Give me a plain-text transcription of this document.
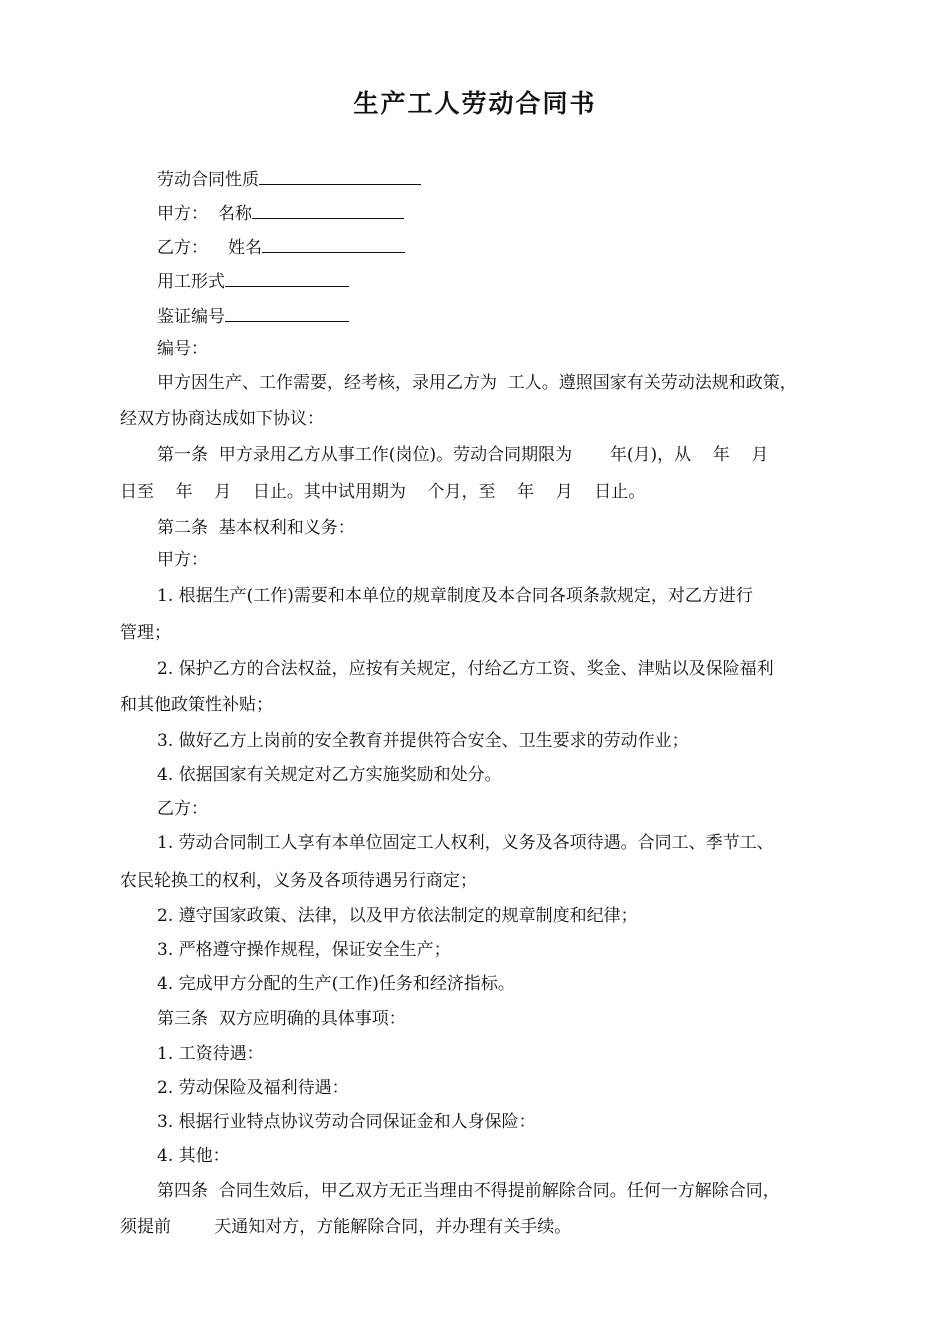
生产工人劳动合同书
劳动合同性质
甲方： 名称
乙方： 姓名
用工形式
鉴证编号
编号：
甲方因生产、工作需要，经考核，录用乙方为  工人。遵照国家有关劳动法规和政策，
经双方协商达成如下协议：
第一条  甲方录用乙方从事工作(岗位)。劳动合同期限为       年(月)，从    年    月
日至    年    月    日止。其中试用期为    个月，至    年    月    日止。
第二条  基本权利和义务：
甲方：
1. 根据生产(工作)需要和本单位的规章制度及本合同各项条款规定，对乙方进行
管理；
2. 保护乙方的合法权益，应按有关规定，付给乙方工资、奖金、津贴以及保险福利
和其他政策性补贴；
3. 做好乙方上岗前的安全教育并提供符合安全、卫生要求的劳动作业；
4. 依据国家有关规定对乙方实施奖励和处分。
乙方：
1. 劳动合同制工人享有本单位固定工人权利，义务及各项待遇。合同工、季节工、
农民轮换工的权利，义务及各项待遇另行商定；
2. 遵守国家政策、法律，以及甲方依法制定的规章制度和纪律；
3. 严格遵守操作规程，保证安全生产；
4. 完成甲方分配的生产(工作)任务和经济指标。
第三条  双方应明确的具体事项：
1. 工资待遇：
2. 劳动保险及福利待遇：
3. 根据行业特点协议劳动合同保证金和人身保险：
4. 其他：
第四条  合同生效后，甲乙双方无正当理由不得提前解除合同。任何一方解除合同，
须提前        天通知对方，方能解除合同，并办理有关手续。
